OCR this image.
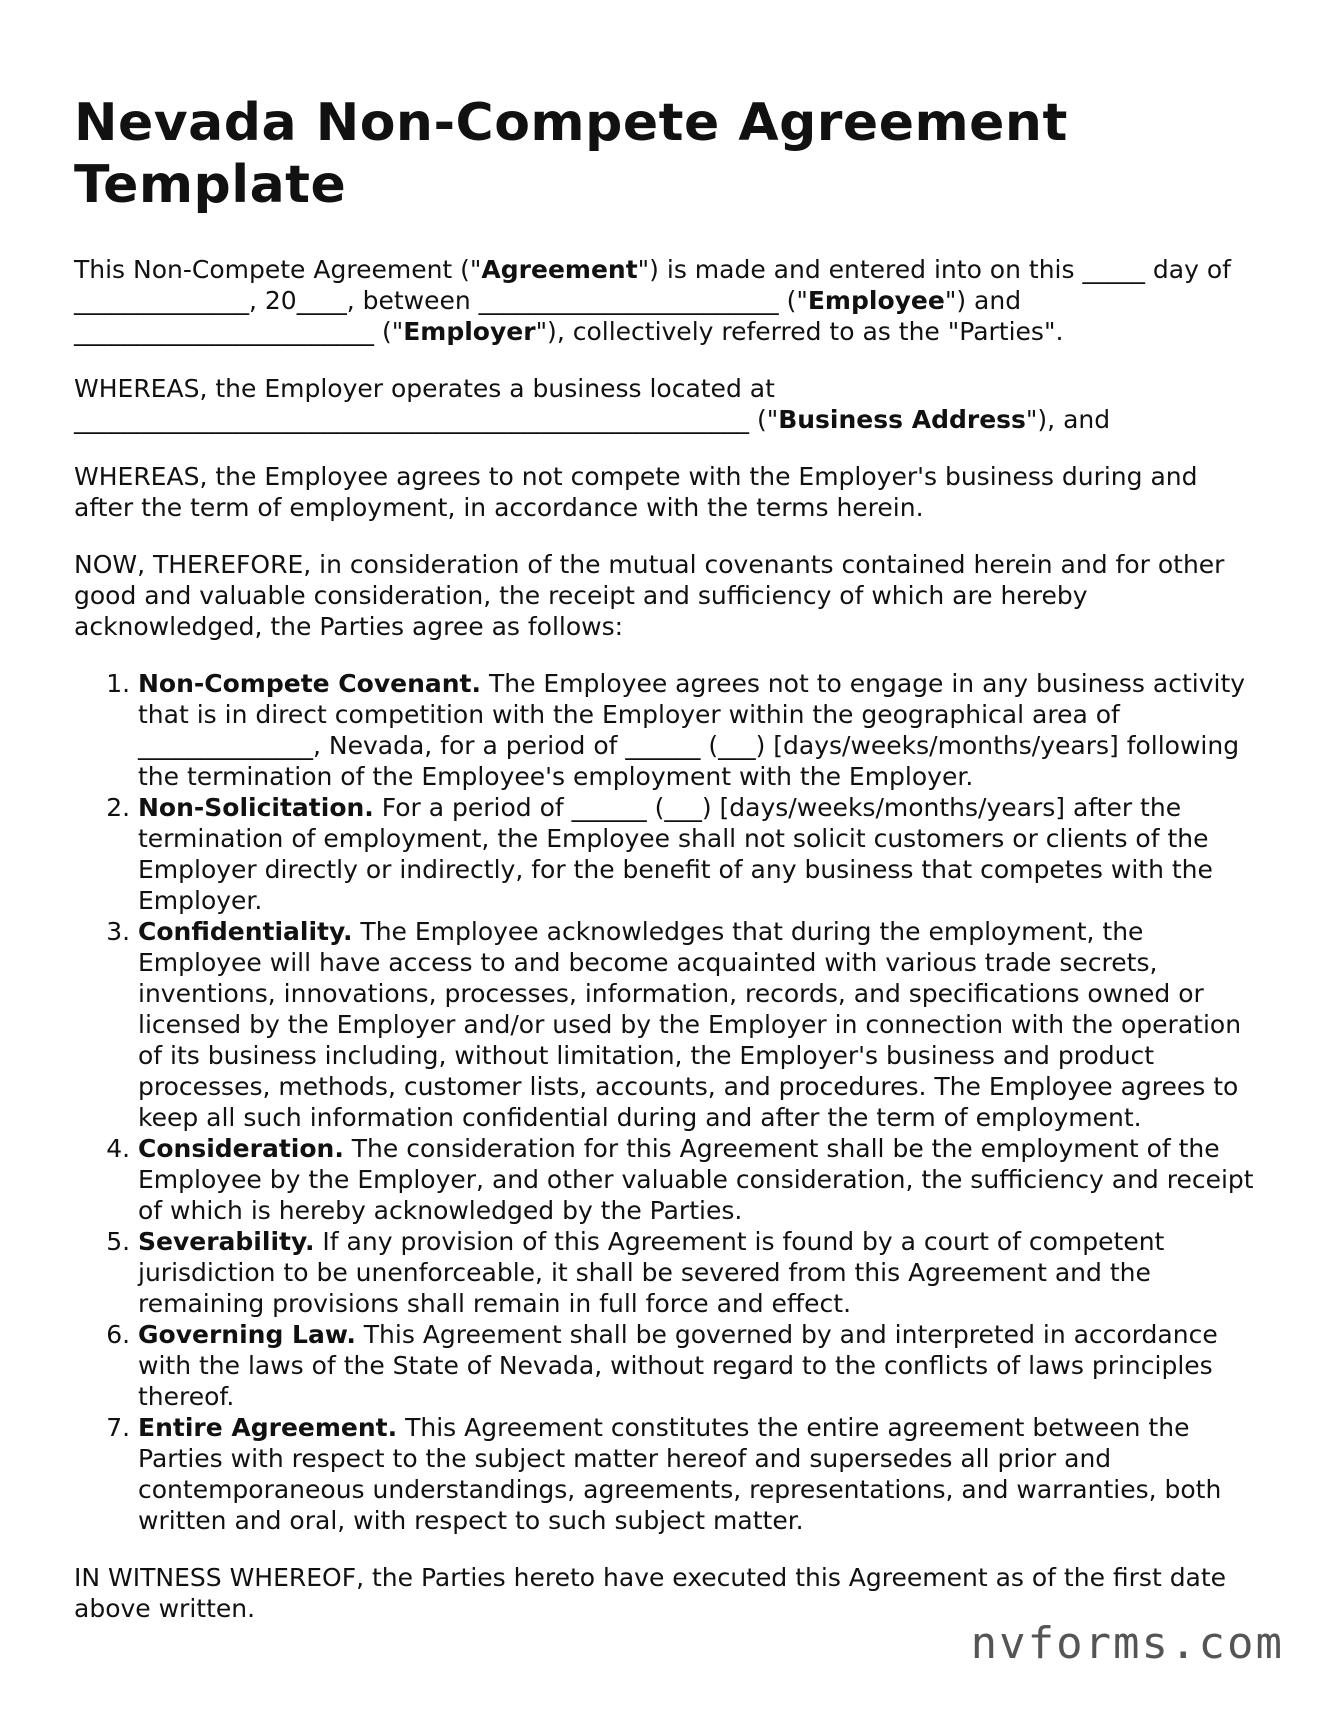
Nevada Non-Compete Agreement Template

This Non-Compete Agreement ("Agreement") is made and entered into on this _____ day of ______________, 20____, between ________________________ ("Employee") and ________________________ ("Employer"), collectively referred to as the "Parties".

WHEREAS, the Employer operates a business located at ______________________________________________________ ("Business Address"), and

WHEREAS, the Employee agrees to not compete with the Employer's business during and after the term of employment, in accordance with the terms herein.

NOW, THEREFORE, in consideration of the mutual covenants contained herein and for other good and valuable consideration, the receipt and sufficiency of which are hereby acknowledged, the Parties agree as follows:

1. Non-Compete Covenant. The Employee agrees not to engage in any business activity that is in direct competition with the Employer within the geographical area of ______________, Nevada, for a period of ______ (___) [days/weeks/months/years] following the termination of the Employee's employment with the Employer.
2. Non-Solicitation. For a period of ______ (___) [days/weeks/months/years] after the termination of employment, the Employee shall not solicit customers or clients of the Employer directly or indirectly, for the benefit of any business that competes with the Employer.
3. Confidentiality. The Employee acknowledges that during the employment, the Employee will have access to and become acquainted with various trade secrets, inventions, innovations, processes, information, records, and specifications owned or licensed by the Employer and/or used by the Employer in connection with the operation of its business including, without limitation, the Employer's business and product processes, methods, customer lists, accounts, and procedures. The Employee agrees to keep all such information confidential during and after the term of employment.
4. Consideration. The consideration for this Agreement shall be the employment of the Employee by the Employer, and other valuable consideration, the sufficiency and receipt of which is hereby acknowledged by the Parties.
5. Severability. If any provision of this Agreement is found by a court of competent jurisdiction to be unenforceable, it shall be severed from this Agreement and the remaining provisions shall remain in full force and effect.
6. Governing Law. This Agreement shall be governed by and interpreted in accordance with the laws of the State of Nevada, without regard to the conflicts of laws principles thereof.
7. Entire Agreement. This Agreement constitutes the entire agreement between the Parties with respect to the subject matter hereof and supersedes all prior and contemporaneous understandings, agreements, representations, and warranties, both written and oral, with respect to such subject matter.

IN WITNESS WHEREOF, the Parties hereto have executed this Agreement as of the first date above written.

nvforms.com
